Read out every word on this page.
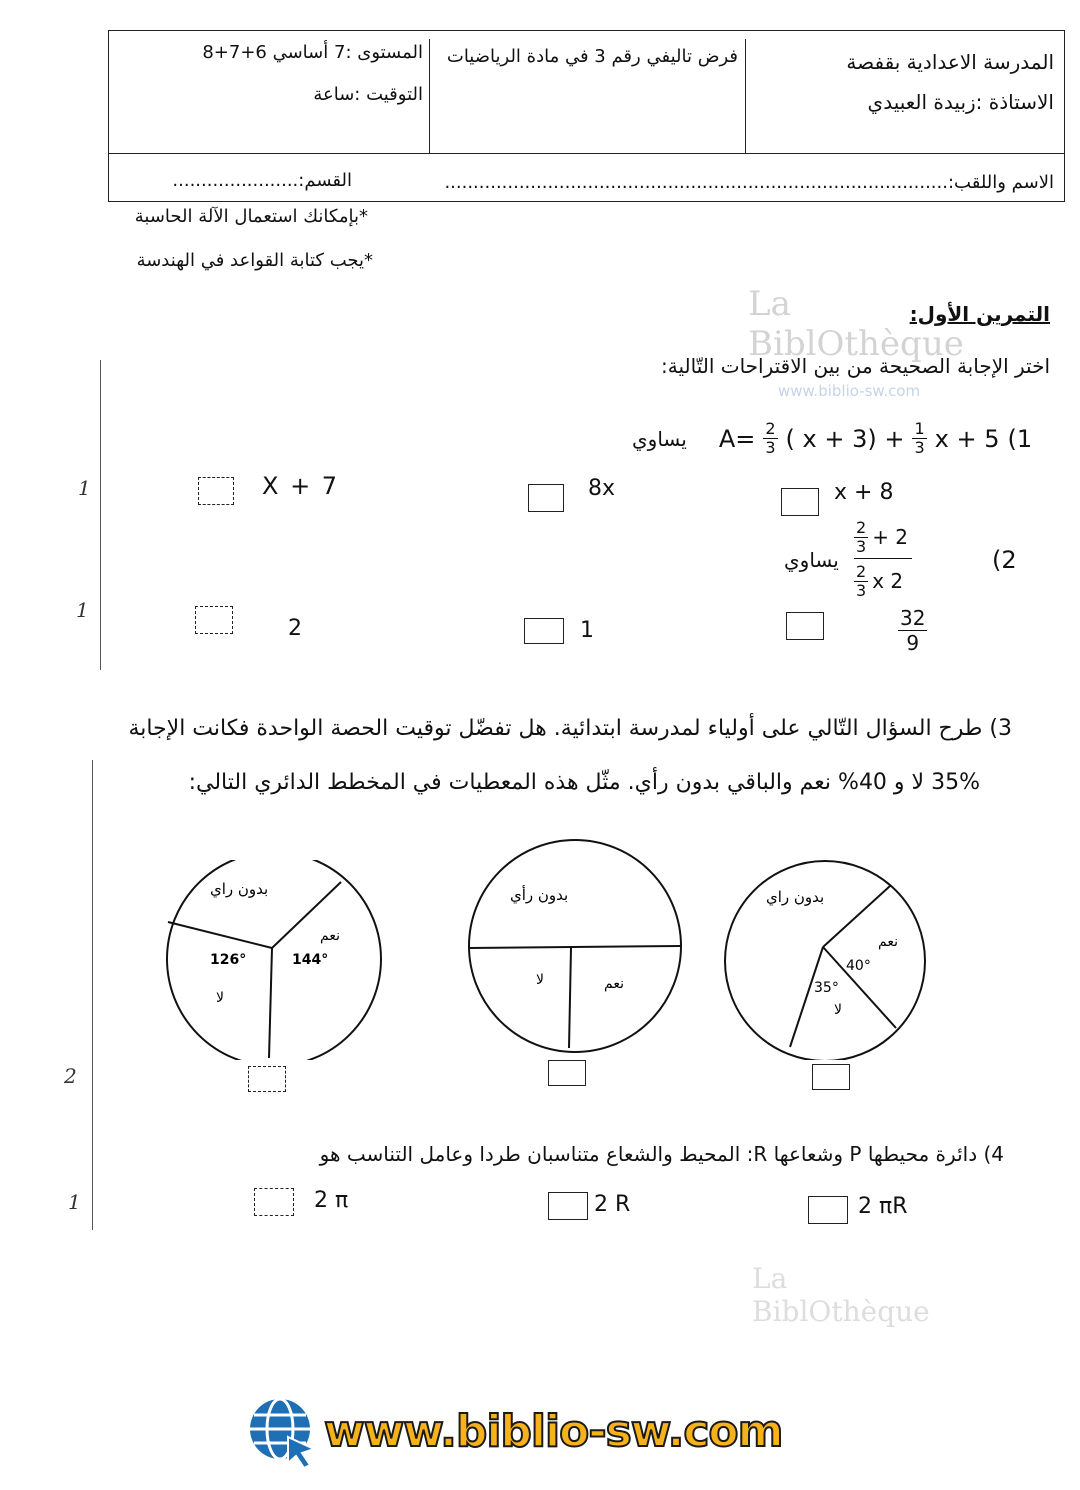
المدرسة الاعدادية بقفصة
الاستاذة :زبيدة العبيدي
فرض تاليفي رقم 3 في مادة الرياضيات
المستوى :7 أساسي 6+7+8
التوقيت :ساعة
الاسم واللقب:........................................................................................
القسم:......................
*بإمكانك استعمال الآلة الحاسبة
*يجب كتابة القواعد في الهندسة
La BiblOthèque
www.biblio-sw.com
التمرين الأول:
اختر الإجابة الصحيحة من بين الاقتراحات التّالية:
يساوي $A= \frac{2}{3}$ ( $x + 3) + \frac{1}{3}$ x + 5 (1
x + 8
8x
X + 7
1
(2
يساوي
$\frac{2}{3} + 2$
$\frac{2}{3}$ x 2
$\frac{32}{9}$
1
2
1
3) طرح السؤال التّالي على أولياء لمدرسة ابتدائية. هل تفضّل توقيت الحصة الواحدة فكانت الإجابة
35% لا و 40% نعم والباقي بدون رأي. مثّل هذه المعطيات في المخطط الدائري التالي:
بدون راي
نعم
40°
35°
لا
بدون رأي
لا	نعم
بدون راي
نعم
126°	144°
لا
2
4) دائرة محيطها P وشعاعها R: المحيط والشعاع متناسبان طردا وعامل التناسب هو
2 πR
2 R
2 π
1
La BiblOthèque
www.biblio-sw.com
